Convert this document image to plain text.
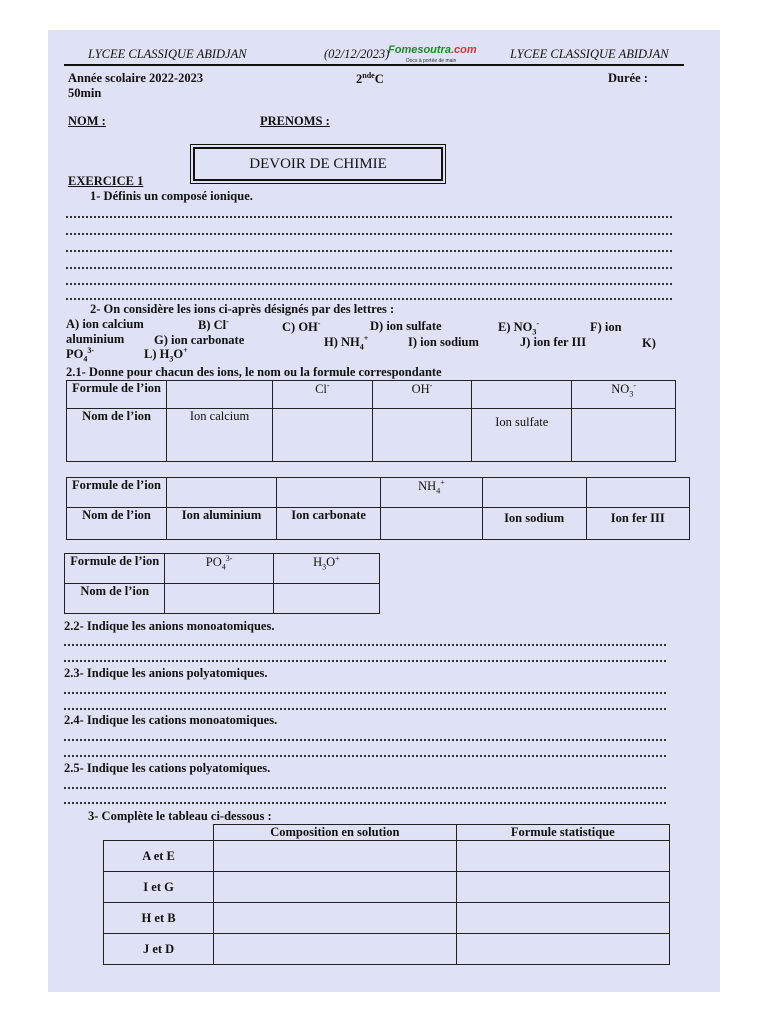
Fomesoutra.com
Docs à portée de main
LYCEE CLASSIQUE ABIDJAN	(02/12/2023)	LYCEE CLASSIQUE ABIDJAN
Année scolaire 2022-2023	2ndeC	Durée :
50min
NOM :	PRENOMS :
DEVOIR DE CHIMIE
EXERCICE 1
1- Définis un composé ionique.
2- On considère les ions ci-après désignés par des lettres :
A) ion calcium	B) Cl-	C) OH-	D) ion sulfate	E) $NO_3^-$	F) ion
aluminium G) ion carbonate	H) $NH_4^+$	I) ion sodium	J) ion fer III	K)
$PO_4^{3-}$	L) $H_3O^+$
2.1- Donne pour chacun des ions, le nom ou la formule correspondante
Formule de l’ion		Cl-	OH-		$NO_3^-$
Nom de l’ion	Ion calcium			Ion sulfate	
Formule de l’ion			$NH_4^+$		
Nom de l’ion	Ion aluminium	Ion carbonate		Ion sodium	Ion fer III
Formule de l’ion	$PO_4^{3-}$	$H_3O^+$
Nom de l’ion		
2.2- Indique les anions monoatomiques.
2.3- Indique les anions polyatomiques.
2.4- Indique les cations monoatomiques.
2.5- Indique les cations polyatomiques.
3- Complète le tableau ci-dessous :
	Composition en solution	Formule statistique
A et E		
I et G		
H et B		
J et D		
